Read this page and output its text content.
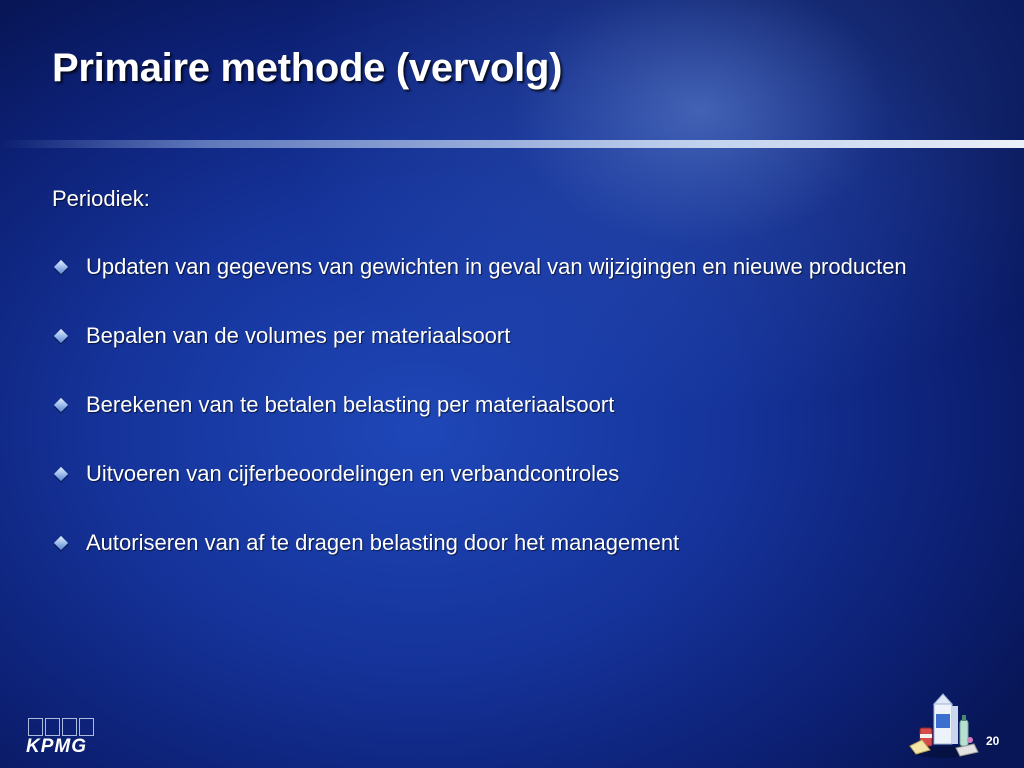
Primaire methode (vervolg)

Periodiek:

Updaten van gegevens van gewichten in geval van wijzigingen en nieuwe producten
Bepalen van de volumes per materiaalsoort
Berekenen van te betalen belasting per materiaalsoort
Uitvoeren van cijferbeoordelingen en verbandcontroles
Autoriseren van af te dragen belasting door het management
KPMG	20
